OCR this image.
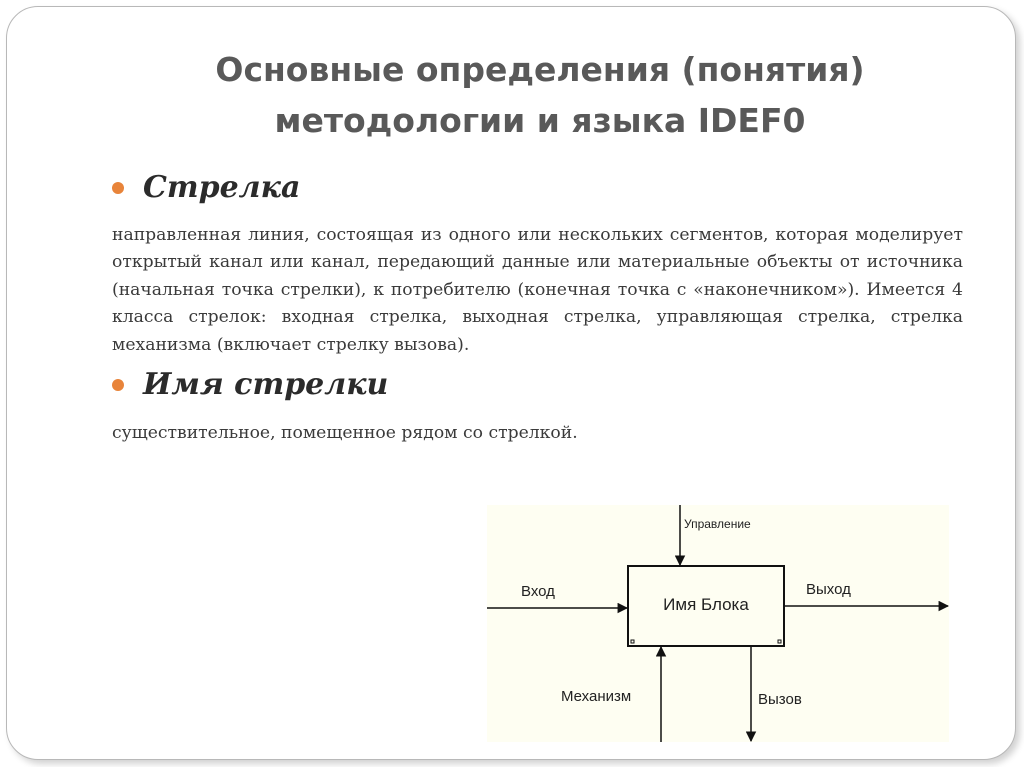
Основные определения (понятия)
методологии и языка IDEF0
Стрелка

направленная линия, состоящая из одного или нескольких сегментов, которая моделирует открытый канал или канал, передающий данные или материальные объекты от источника (начальная точка стрелки), к потребителю (конечная точка с «наконечником»). Имеется 4 класса стрелок: входная стрелка, выходная стрелка, управляющая стрелка, стрелка механизма (включает стрелку вызова).

Имя стрелки

существительное, помещенное рядом со стрелкой.

Имя Блока
Управление
Вход	Выход
Механизм	Вызов
